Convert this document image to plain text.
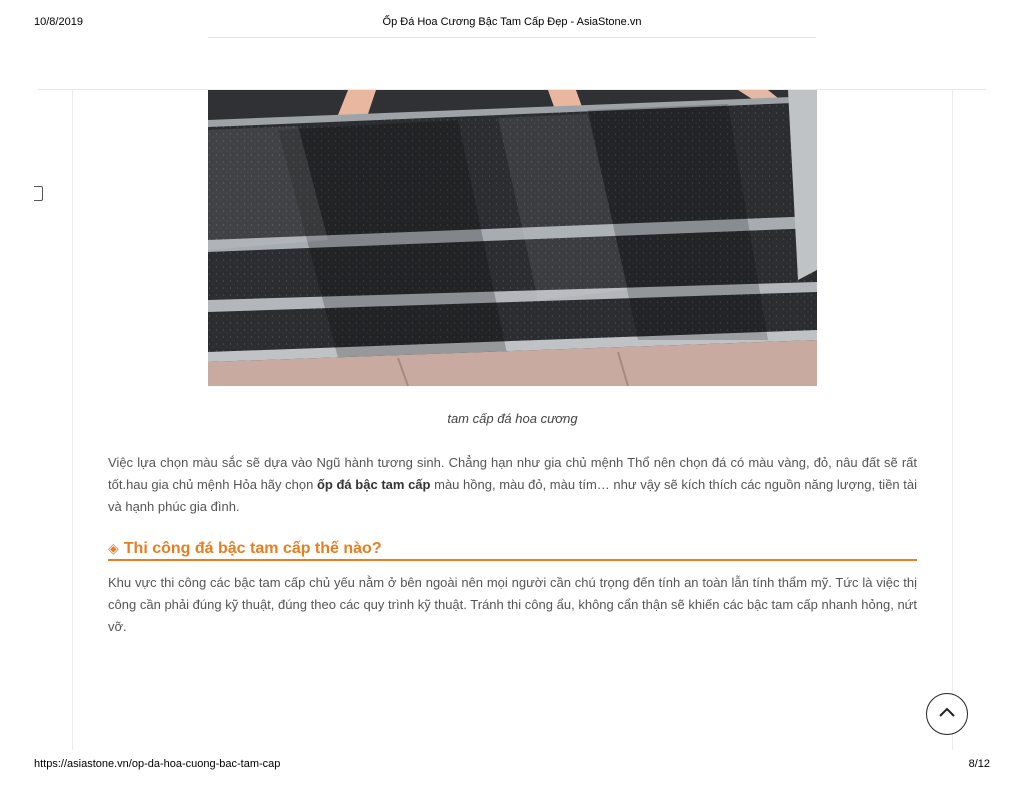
10/8/2019	Ốp Đá Hoa Cương Bậc Tam Cấp Đẹp - AsiaStone.vn
tam cấp đá hoa cương

Việc lựa chọn màu sắc sẽ dựa vào Ngũ hành tương sinh. Chẳng hạn như gia chủ mệnh Thổ nên chọn đá có màu vàng, đỏ, nâu đất sẽ rất tốt.hau gia chủ mệnh Hỏa hãy chọn ốp đá bậc tam cấp màu hồng, màu đỏ, màu tím… như vậy sẽ kích thích các nguồn năng lượng, tiền tài và hạnh phúc gia đình.

◈ Thi công đá bậc tam cấp thế nào?

Khu vực thi công các bậc tam cấp chủ yếu nằm ở bên ngoài nên mọi người cần chú trọng đến tính an toàn lẫn tính thẩm mỹ. Tức là việc thị công cần phải đúng kỹ thuật, đúng theo các quy trình kỹ thuật. Tránh thi công ẩu, không cẩn thận sẽ khiến các bậc tam cấp nhanh hỏng, nứt vỡ.

https://asiastone.vn/op-da-hoa-cuong-bac-tam-cap	8/12
